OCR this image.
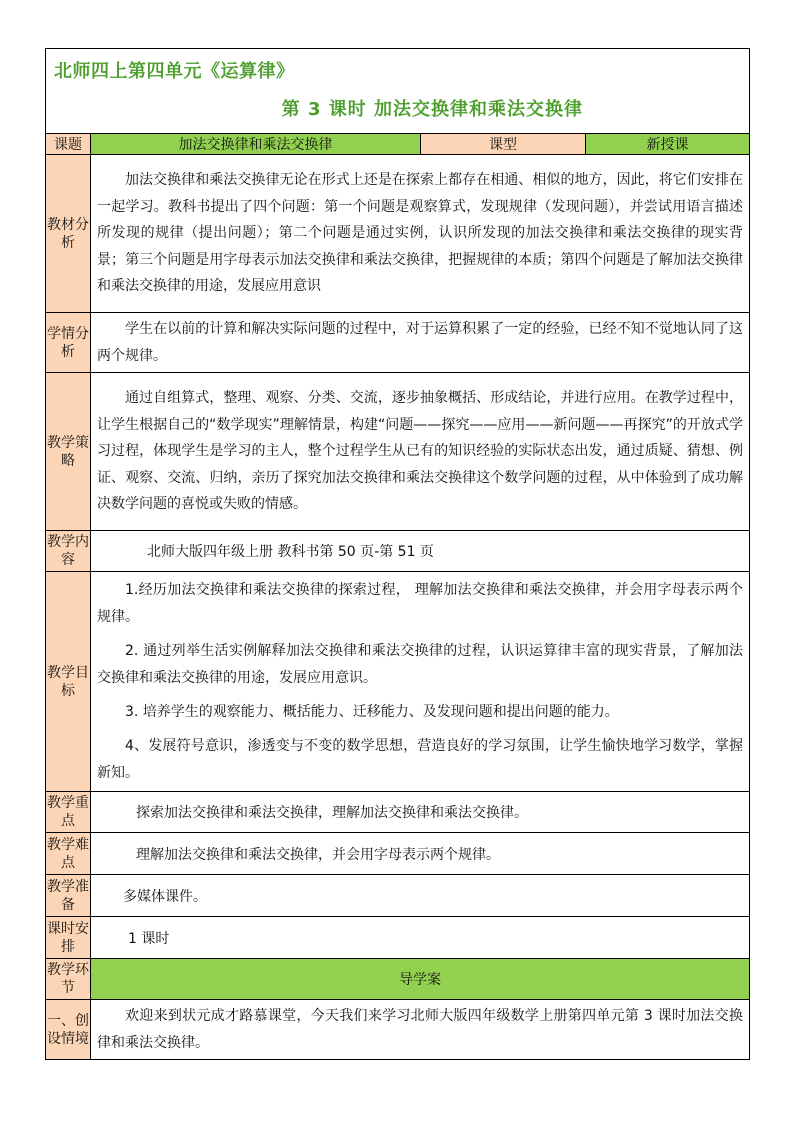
北师四上第四单元《运算律》
第 3 课时 加法交换律和乘法交换律			

课题	加法交换律和乘法交换律	课型	新授课
教材分析	加法交换律和乘法交换律无论在形式上还是在探索上都存在相通、相似的地方，因此，将它们安排在一起学习。教科书提出了四个问题：第一个问题是观察算式，发现规律（发现问题），并尝试用语言描述所发现的规律（提出问题）；第二个问题是通过实例，认识所发现的加法交换律和乘法交换律的现实背景；第三个问题是用字母表示加法交换律和乘法交换律，把握规律的本质；第四个问题是了解加法交换律和乘法交换律的用途，发展应用意识		

学情分析	学生在以前的计算和解决实际问题的过程中，对于运算积累了一定的经验，已经不知不觉地认同了这两个规律。		

教学策略	通过自组算式，整理、观察、分类、交流，逐步抽象概括、形成结论，并进行应用。在教学过程中，让学生根据自己的“数学现实”理解情景，构建“问题——探究——应用——新问题——再探究”的开放式学习过程，体现学生是学习的主人，整个过程学生从已有的知识经验的实际状态出发，通过质疑、猜想、例证、观察、交流、归纳，亲历了探究加法交换律和乘法交换律这个数学问题的过程，从中体验到了成功解决数学问题的喜悦或失败的情感。		

教学内容	北师大版四年级上册 教科书第 50 页-第 51 页		
教学目标	1.经历加法交换律和乘法交换律的探索过程， 理解加法交换律和乘法交换律，并会用字母表示两个规律。

2. 通过列举生活实例解释加法交换律和乘法交换律的过程，认识运算律丰富的现实背景，了解加法交换律和乘法交换律的用途，发展应用意识。

3. 培养学生的观察能力、概括能力、迁移能力、及发现问题和提出问题的能力。

4、发展符号意识，渗透变与不变的数学思想，营造良好的学习氛围，让学生愉快地学习数学，掌握新知。		

教学重点	探索加法交换律和乘法交换律，理解加法交换律和乘法交换律。		
教学难点	理解加法交换律和乘法交换律，并会用字母表示两个规律。		
教学准备	多媒体课件。		
课时安排	1 课时		
教学环节	导学案		
一、创设情境	欢迎来到状元成才路慕课堂，今天我们来学习北师大版四年级数学上册第四单元第 3 课时加法交换律和乘法交换律。		
